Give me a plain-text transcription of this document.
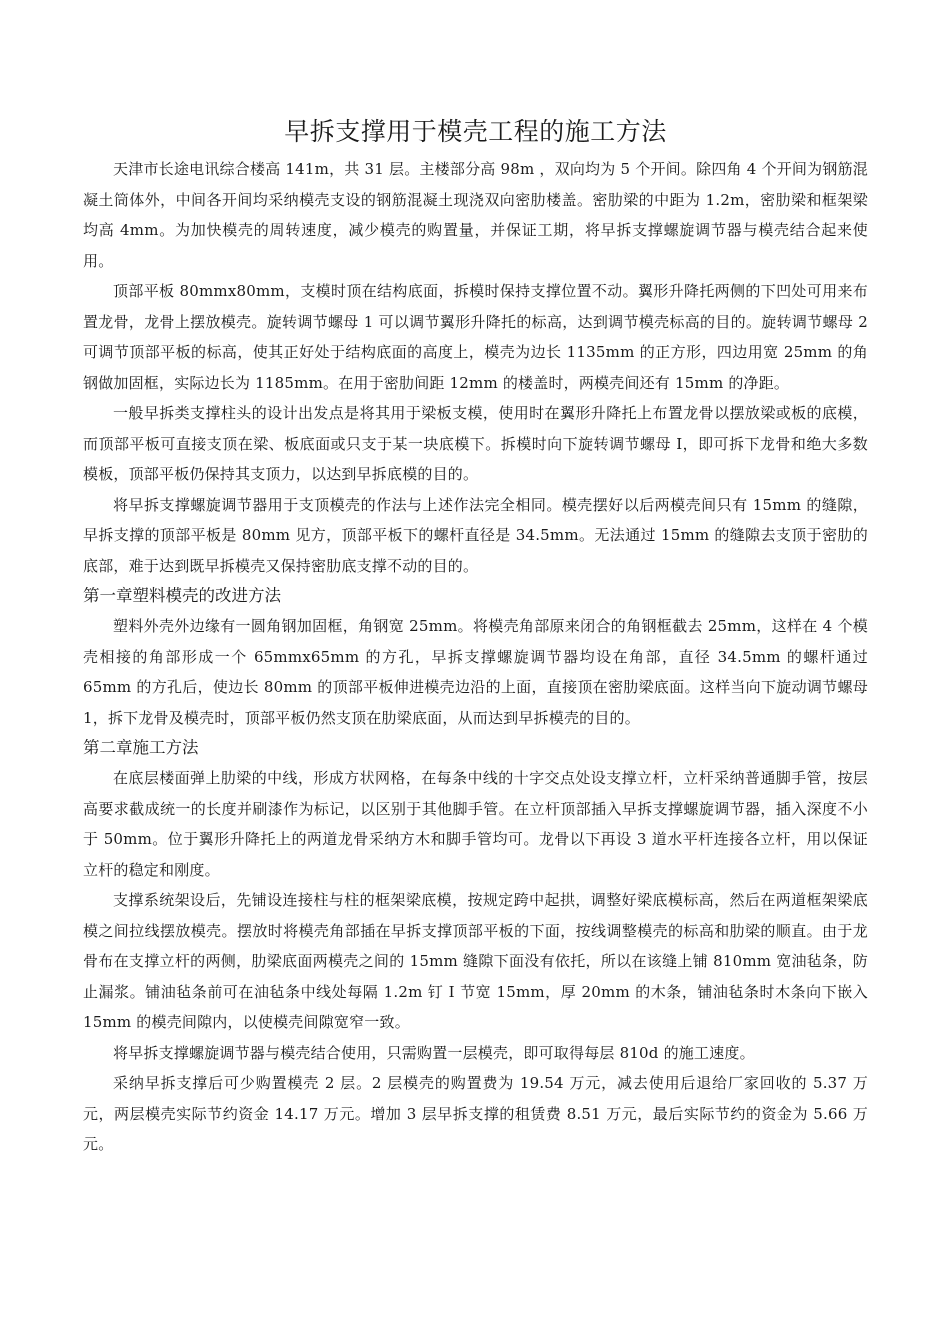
早拆支撑用于模壳工程的施工方法

天津市长途电讯综合楼高 141m，共 31 层。主楼部分高 98m ，双向均为 5 个开间。除四角 4 个开间为钢筋混凝土筒体外，中间各开间均采纳模壳支设的钢筋混凝土现浇双向密肋楼盖。密肋梁的中距为 1.2m，密肋梁和框架梁均高 4mm。为加快模壳的周转速度，减少模壳的购置量，并保证工期，将早拆支撑螺旋调节器与模壳结合起来使用。

顶部平板 80mmx80mm，支模时顶在结构底面，拆模时保持支撑位置不动。翼形升降托两侧的下凹处可用来布置龙骨，龙骨上摆放模壳。旋转调节螺母 1 可以调节翼形升降托的标高，达到调节模壳标高的目的。旋转调节螺母 2 可调节顶部平板的标高，使其正好处于结构底面的高度上，模壳为边长 1135mm 的正方形，四边用宽 25mm 的角钢做加固框，实际边长为 1185mm。在用于密肋间距 12mm 的楼盖时，两模壳间还有 15mm 的净距。

一般早拆类支撑柱头的设计出发点是将其用于梁板支模，使用时在翼形升降托上布置龙骨以摆放梁或板的底模，而顶部平板可直接支顶在梁、板底面或只支于某一块底模下。拆模时向下旋转调节螺母 I，即可拆下龙骨和绝大多数模板，顶部平板仍保持其支顶力，以达到早拆底模的目的。

将早拆支撑螺旋调节器用于支顶模壳的作法与上述作法完全相同。模壳摆好以后两模壳间只有 15mm 的缝隙，早拆支撑的顶部平板是 80mm 见方，顶部平板下的螺杆直径是 34.5mm。无法通过 15mm 的缝隙去支顶于密肋的底部，难于达到既早拆模壳又保持密肋底支撑不动的目的。

第一章塑料模壳的改进方法

塑料外壳外边缘有一圆角钢加固框，角钢宽 25mm。将模壳角部原来闭合的角钢框截去 25mm，这样在 4 个模壳相接的角部形成一个 65mmx65mm 的方孔，早拆支撑螺旋调节器均设在角部，直径 34.5mm 的螺杆通过 65mm 的方孔后，使边长 80mm 的顶部平板伸进模壳边沿的上面，直接顶在密肋梁底面。这样当向下旋动调节螺母 1，拆下龙骨及模壳时，顶部平板仍然支顶在肋梁底面，从而达到早拆模壳的目的。

第二章施工方法

在底层楼面弹上肋梁的中线，形成方状网格，在每条中线的十字交点处设支撑立杆，立杆采纳普通脚手管，按层高要求截成统一的长度并刷漆作为标记，以区别于其他脚手管。在立杆顶部插入早拆支撑螺旋调节器，插入深度不小于 50mm。位于翼形升降托上的两道龙骨采纳方木和脚手管均可。龙骨以下再设 3 道水平杆连接各立杆，用以保证立杆的稳定和刚度。

支撑系统架设后，先铺设连接柱与柱的框架梁底模，按规定跨中起拱，调整好梁底模标高，然后在两道框架梁底模之间拉线摆放模壳。摆放时将模壳角部插在早拆支撑顶部平板的下面，按线调整模壳的标高和肋梁的顺直。由于龙骨布在支撑立杆的两侧，肋梁底面两模壳之间的 15mm 缝隙下面没有依托，所以在该缝上铺 810mm 宽油毡条，防止漏浆。铺油毡条前可在油毡条中线处每隔 1.2m 钉 I 节宽 15mm，厚 20mm 的木条，铺油毡条时木条向下嵌入 15mm 的模壳间隙内，以使模壳间隙宽窄一致。

将早拆支撑螺旋调节器与模壳结合使用，只需购置一层模壳，即可取得每层 810d 的施工速度。

采纳早拆支撑后可少购置模壳 2 层。2 层模壳的购置费为 19.54 万元，减去使用后退给厂家回收的 5.37 万元，两层模壳实际节约资金 14.17 万元。增加 3 层早拆支撑的租赁费 8.51 万元，最后实际节约的资金为 5.66 万元。
